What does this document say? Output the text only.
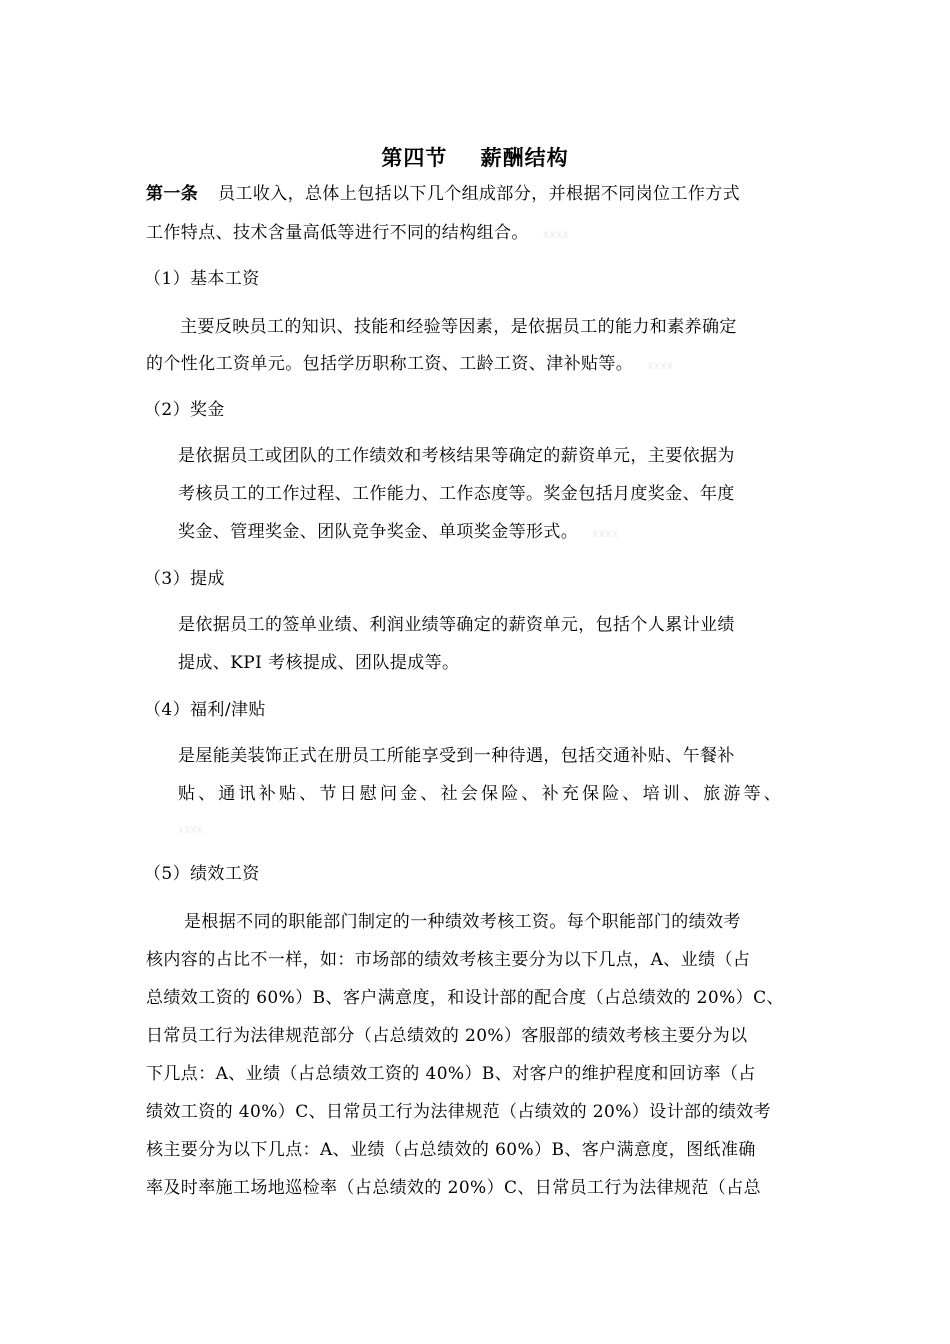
第四节    薪酬结构
第一条 员工收入，总体上包括以下几个组成部分，并根据不同岗位工作方式
工作特点、技术含量高低等进行不同的结构组合。 XXXX
（1）基本工资
主要反映员工的知识、技能和经验等因素，是依据员工的能力和素养确定
的个性化工资单元。包括学历职称工资、工龄工资、津补贴等。 XXXX
（2）奖金
是依据员工或团队的工作绩效和考核结果等确定的薪资单元，主要依据为
考核员工的工作过程、工作能力、工作态度等。奖金包括月度奖金、年度
奖金、管理奖金、团队竞争奖金、单项奖金等形式。 XXXX
（3）提成
是依据员工的签单业绩、利润业绩等确定的薪资单元，包括个人累计业绩
提成、KPI 考核提成、团队提成等。
（4）福利/津贴
是屋能美装饰正式在册员工所能享受到一种待遇，包括交通补贴、午餐补
贴、通讯补贴、节日慰问金、社会保险、补充保险、培训、旅游等、
XXXX
（5）绩效工资
是根据不同的职能部门制定的一种绩效考核工资。每个职能部门的绩效考
核内容的占比不一样，如：市场部的绩效考核主要分为以下几点，A、业绩（占
总绩效工资的 60%）B、客户满意度，和设计部的配合度（占总绩效的 20%）C、
日常员工行为法律规范部分（占总绩效的 20%）客服部的绩效考核主要分为以
下几点：A、业绩（占总绩效工资的 40%）B、对客户的维护程度和回访率（占
绩效工资的 40%）C、日常员工行为法律规范（占绩效的 20%）设计部的绩效考
核主要分为以下几点：A、业绩（占总绩效的 60%）B、客户满意度，图纸准确
率及时率施工场地巡检率（占总绩效的 20%）C、日常员工行为法律规范（占总
